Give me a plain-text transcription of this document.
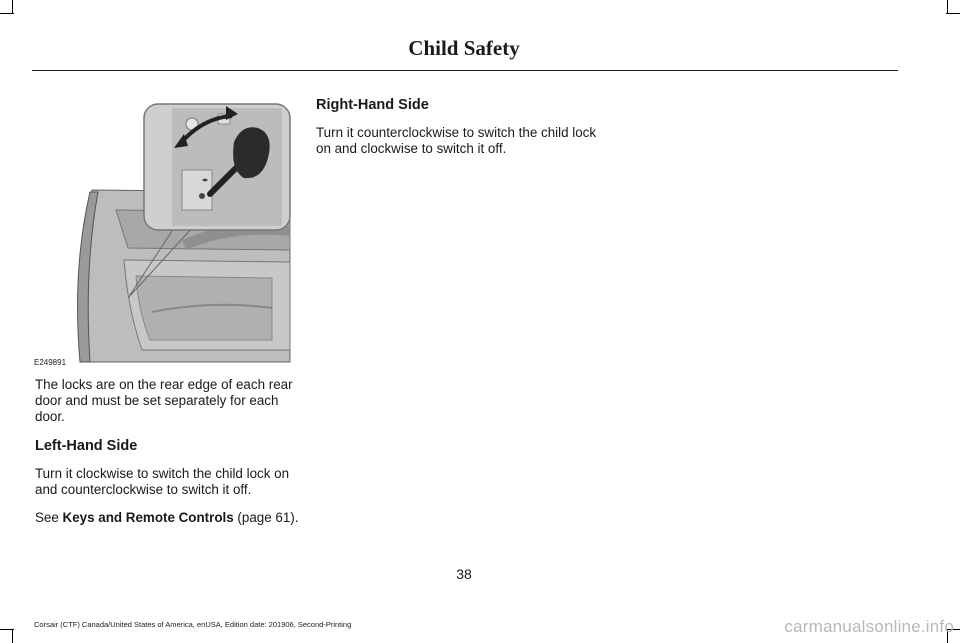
Child Safety
E249891

The locks are on the rear edge of each rear door and must be set separately for each door.

Left-Hand Side

Turn it clockwise to switch the child lock on and counterclockwise to switch it off.

See Keys and Remote Controls (page 61).

Right-Hand Side

Turn it counterclockwise to switch the child lock on and clockwise to switch it off.

38
Corsair (CTF) Canada/United States of America, enUSA, Edition date: 201906, Second-Printing	carmanualsonline.info
